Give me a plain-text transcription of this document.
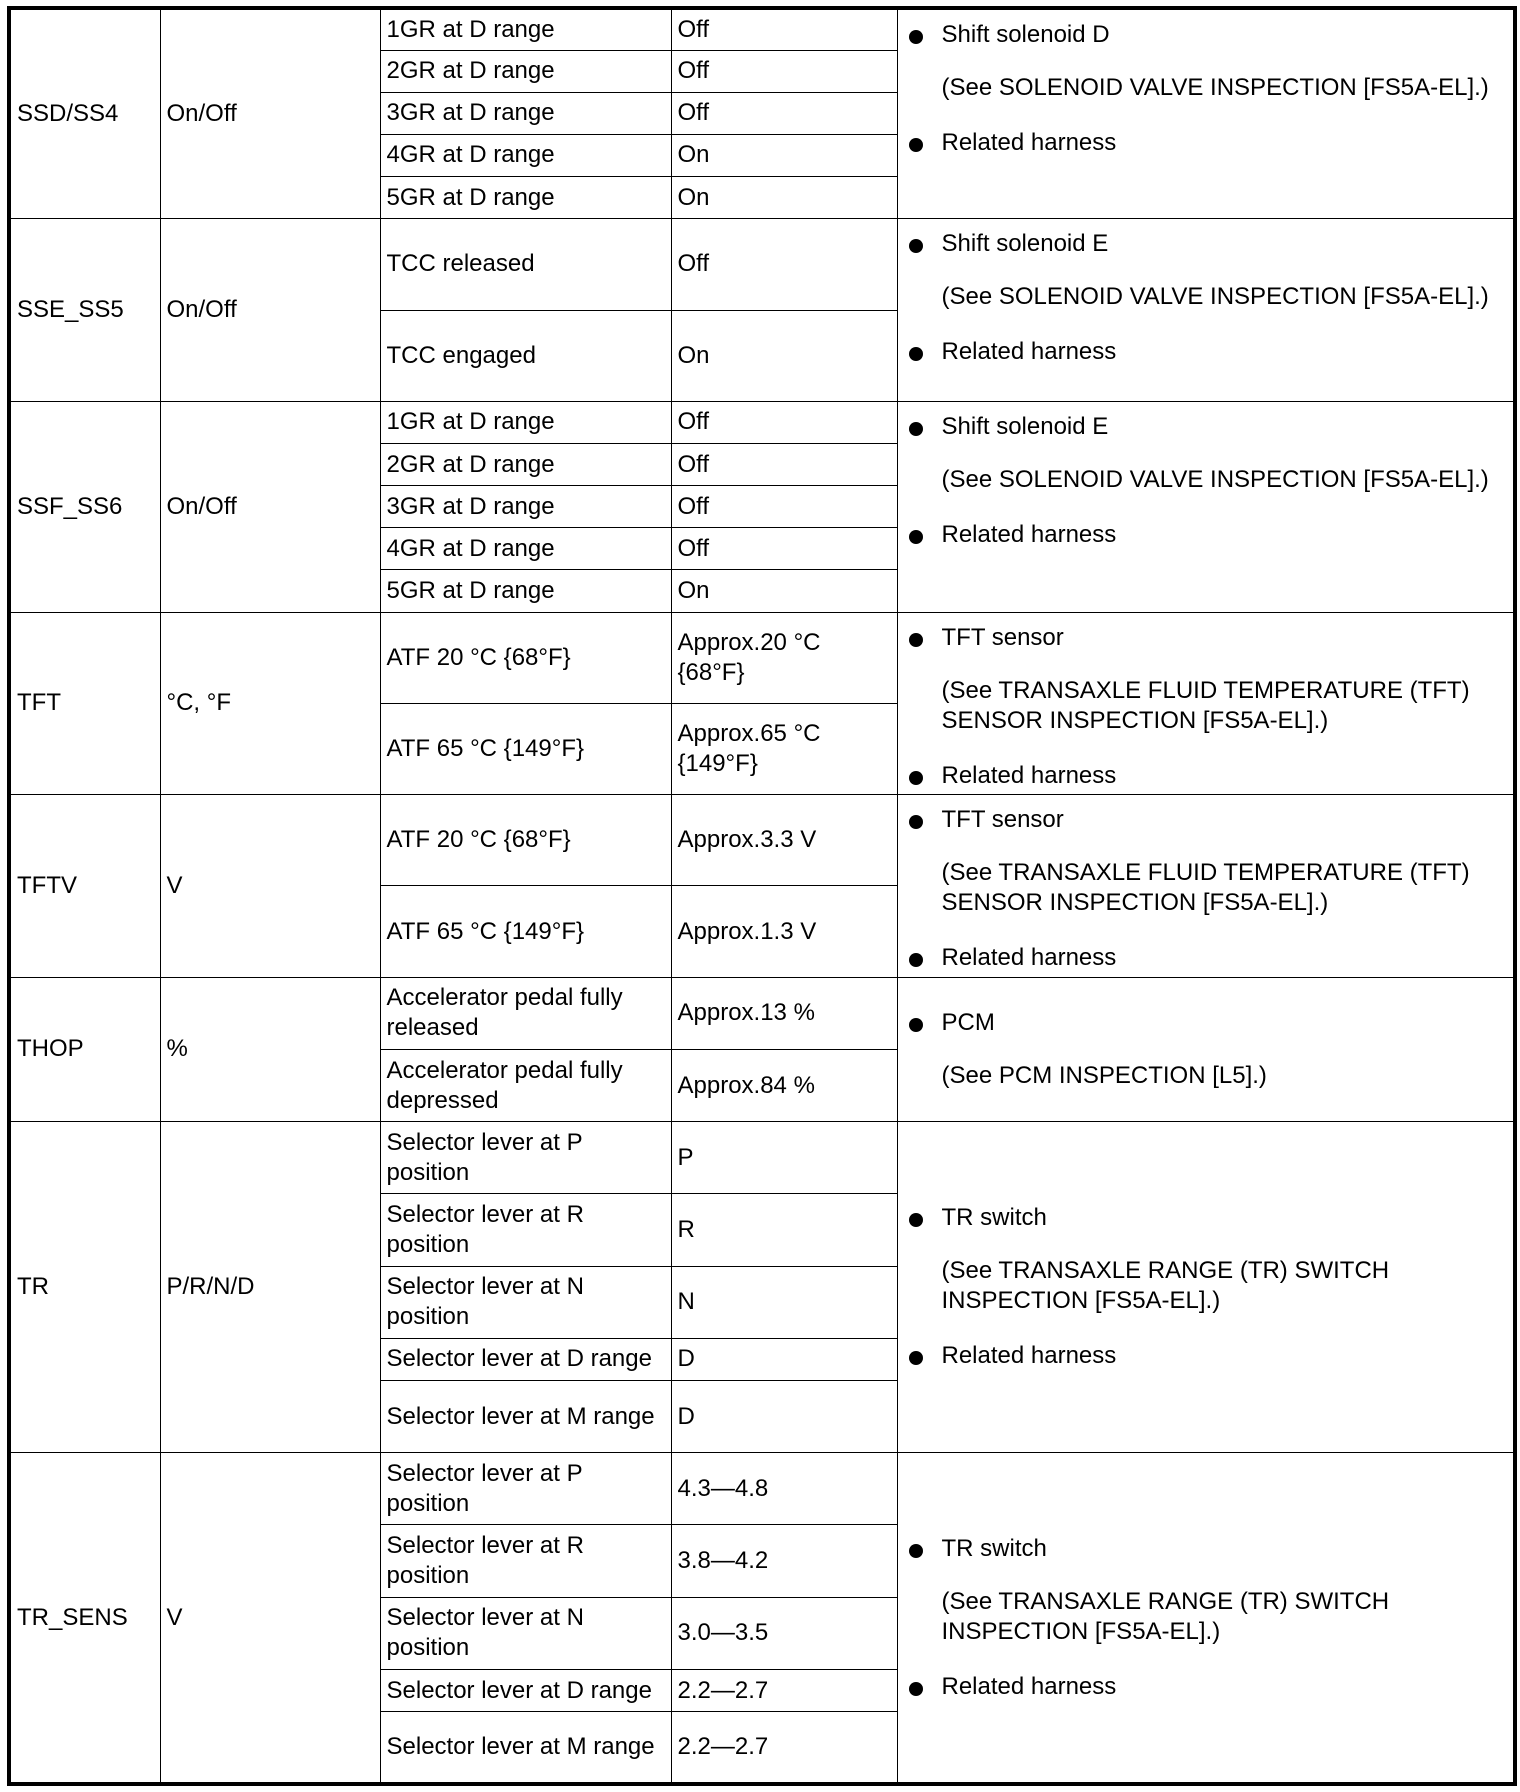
SSD/SS4	On/Off	1GR at D range	Off	Shift solenoid D

(See SOLENOID VALVE INSPECTION [FS5A-EL].)

Related harness

		2GR at D range	Off	
		3GR at D range	Off	
		4GR at D range	On	
		5GR at D range	On	
SSE_SS5	On/Off	TCC released	Off	Shift solenoid E

(See SOLENOID VALVE INSPECTION [FS5A-EL].)

Related harness

		TCC engaged	On	
SSF_SS6	On/Off	1GR at D range	Off	Shift solenoid E

(See SOLENOID VALVE INSPECTION [FS5A-EL].)

Related harness

		2GR at D range	Off	
		3GR at D range	Off	
		4GR at D range	Off	
		5GR at D range	On	
TFT	°C, °F	ATF 20 °C {68°F}	Approx.20 °C {68°F}	TFT sensor

(See TRANSAXLE FLUID TEMPERATURE (TFT) SENSOR INSPECTION [FS5A-EL].)

Related harness

		ATF 65 °C {149°F}	Approx.65 °C {149°F}	
TFTV	V	ATF 20 °C {68°F}	Approx.3.3 V	TFT sensor

(See TRANSAXLE FLUID TEMPERATURE (TFT) SENSOR INSPECTION [FS5A-EL].)

Related harness

		ATF 65 °C {149°F}	Approx.1.3 V	
THOP	%	Accelerator pedal fully released	Approx.13 %	PCM

(See PCM INSPECTION [L5].)

		Accelerator pedal fully depressed	Approx.84 %	
TR	P/R/N/D	Selector lever at P position	P	TR switch

(See TRANSAXLE RANGE (TR) SWITCH INSPECTION [FS5A-EL].)

Related harness

		Selector lever at R position	R	
		Selector lever at N position	N	
		Selector lever at D range	D	
		Selector lever at M range	D	
TR_SENS	V	Selector lever at P position	4.3—4.8	TR switch

(See TRANSAXLE RANGE (TR) SWITCH INSPECTION [FS5A-EL].)

Related harness

		Selector lever at R position	3.8—4.2	
		Selector lever at N position	3.0—3.5	
		Selector lever at D range	2.2—2.7	
		Selector lever at M range	2.2—2.7	
